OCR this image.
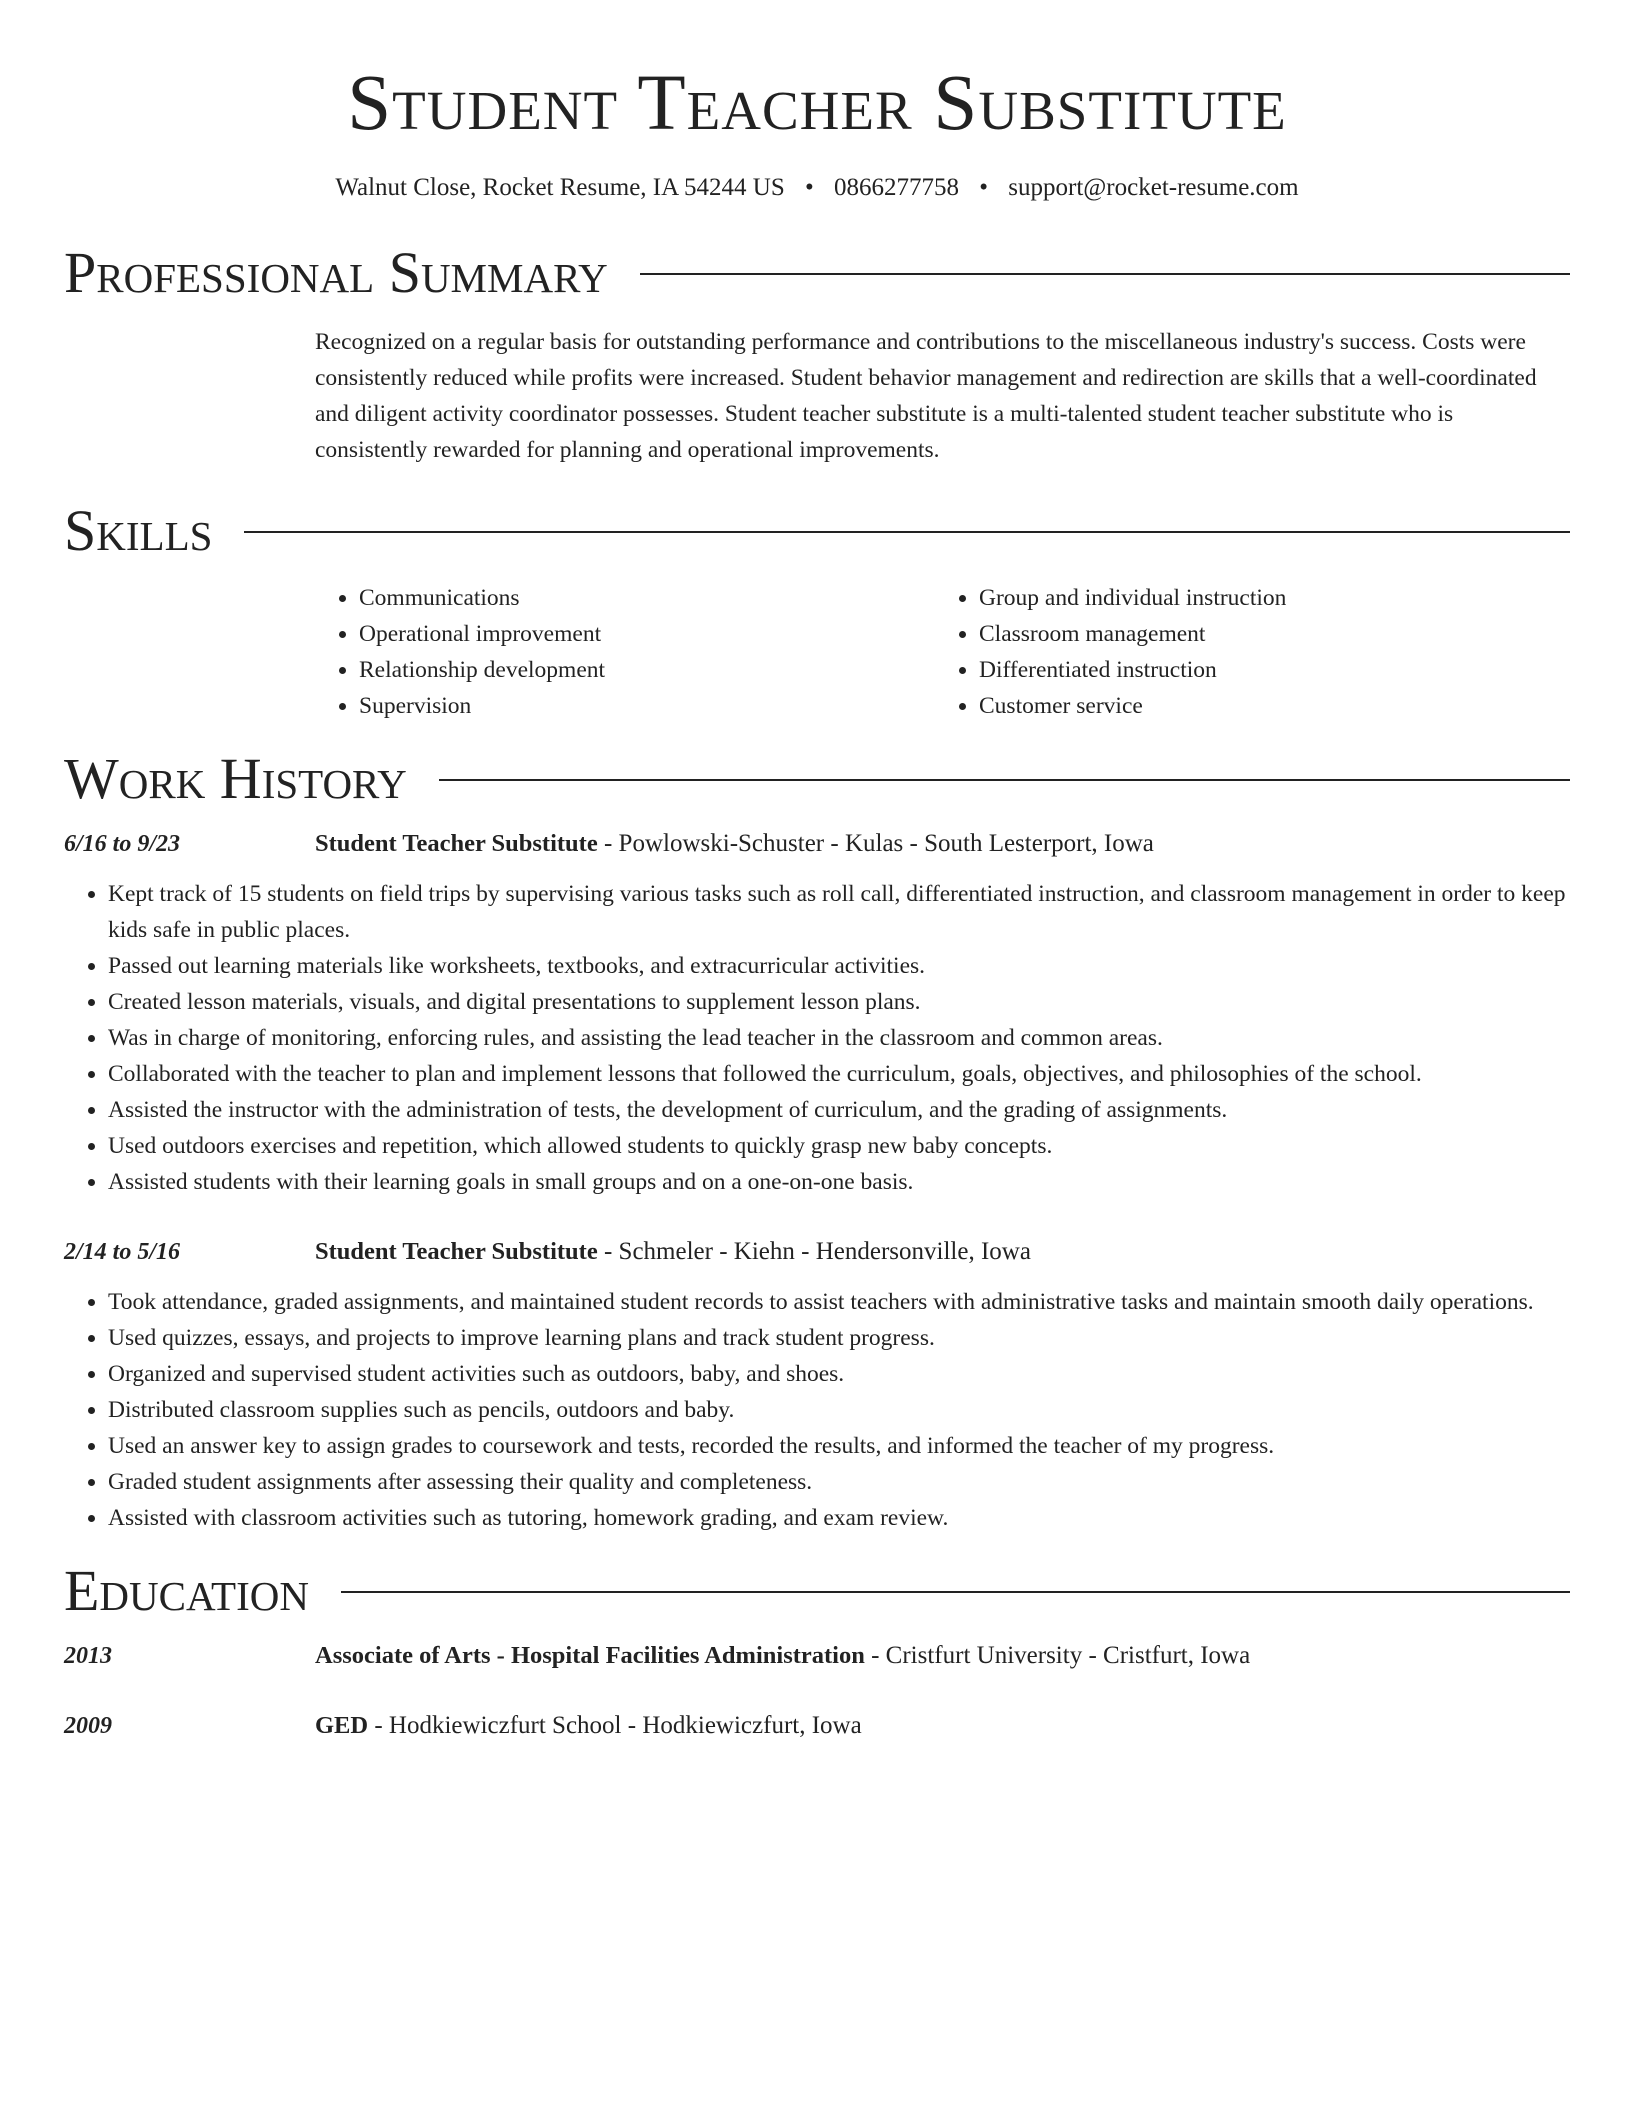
Student Teacher Substitute
Walnut Close, Rocket Resume, IA 54244 US • 0866277758 • support@rocket-resume.com
Professional Summary
Recognized on a regular basis for outstanding performance and contributions to the miscellaneous industry's success. Costs were consistently reduced while profits were increased. Student behavior management and redirection are skills that a well-coordinated and diligent activity coordinator possesses. Student teacher substitute is a multi-talented student teacher substitute who is consistently rewarded for planning and operational improvements.
Skills
• Communications
• Operational improvement
• Relationship development
• Supervision
• Group and individual instruction
• Classroom management
• Differentiated instruction
• Customer service
Work History
6/16 to 9/23	Student Teacher Substitute - Powlowski-Schuster - Kulas - South Lesterport, Iowa
• Kept track of 15 students on field trips by supervising various tasks such as roll call, differentiated instruction, and classroom management in order to keep kids safe in public places.
• Passed out learning materials like worksheets, textbooks, and extracurricular activities.
• Created lesson materials, visuals, and digital presentations to supplement lesson plans.
• Was in charge of monitoring, enforcing rules, and assisting the lead teacher in the classroom and common areas.
• Collaborated with the teacher to plan and implement lessons that followed the curriculum, goals, objectives, and philosophies of the school.
• Assisted the instructor with the administration of tests, the development of curriculum, and the grading of assignments.
• Used outdoors exercises and repetition, which allowed students to quickly grasp new baby concepts.
• Assisted students with their learning goals in small groups and on a one-on-one basis.
2/14 to 5/16	Student Teacher Substitute - Schmeler - Kiehn - Hendersonville, Iowa
• Took attendance, graded assignments, and maintained student records to assist teachers with administrative tasks and maintain smooth daily operations.
• Used quizzes, essays, and projects to improve learning plans and track student progress.
• Organized and supervised student activities such as outdoors, baby, and shoes.
• Distributed classroom supplies such as pencils, outdoors and baby.
• Used an answer key to assign grades to coursework and tests, recorded the results, and informed the teacher of my progress.
• Graded student assignments after assessing their quality and completeness.
• Assisted with classroom activities such as tutoring, homework grading, and exam review.
Education
2013	Associate of Arts - Hospital Facilities Administration - Cristfurt University - Cristfurt, Iowa
2009	GED - Hodkiewiczfurt School - Hodkiewiczfurt, Iowa
